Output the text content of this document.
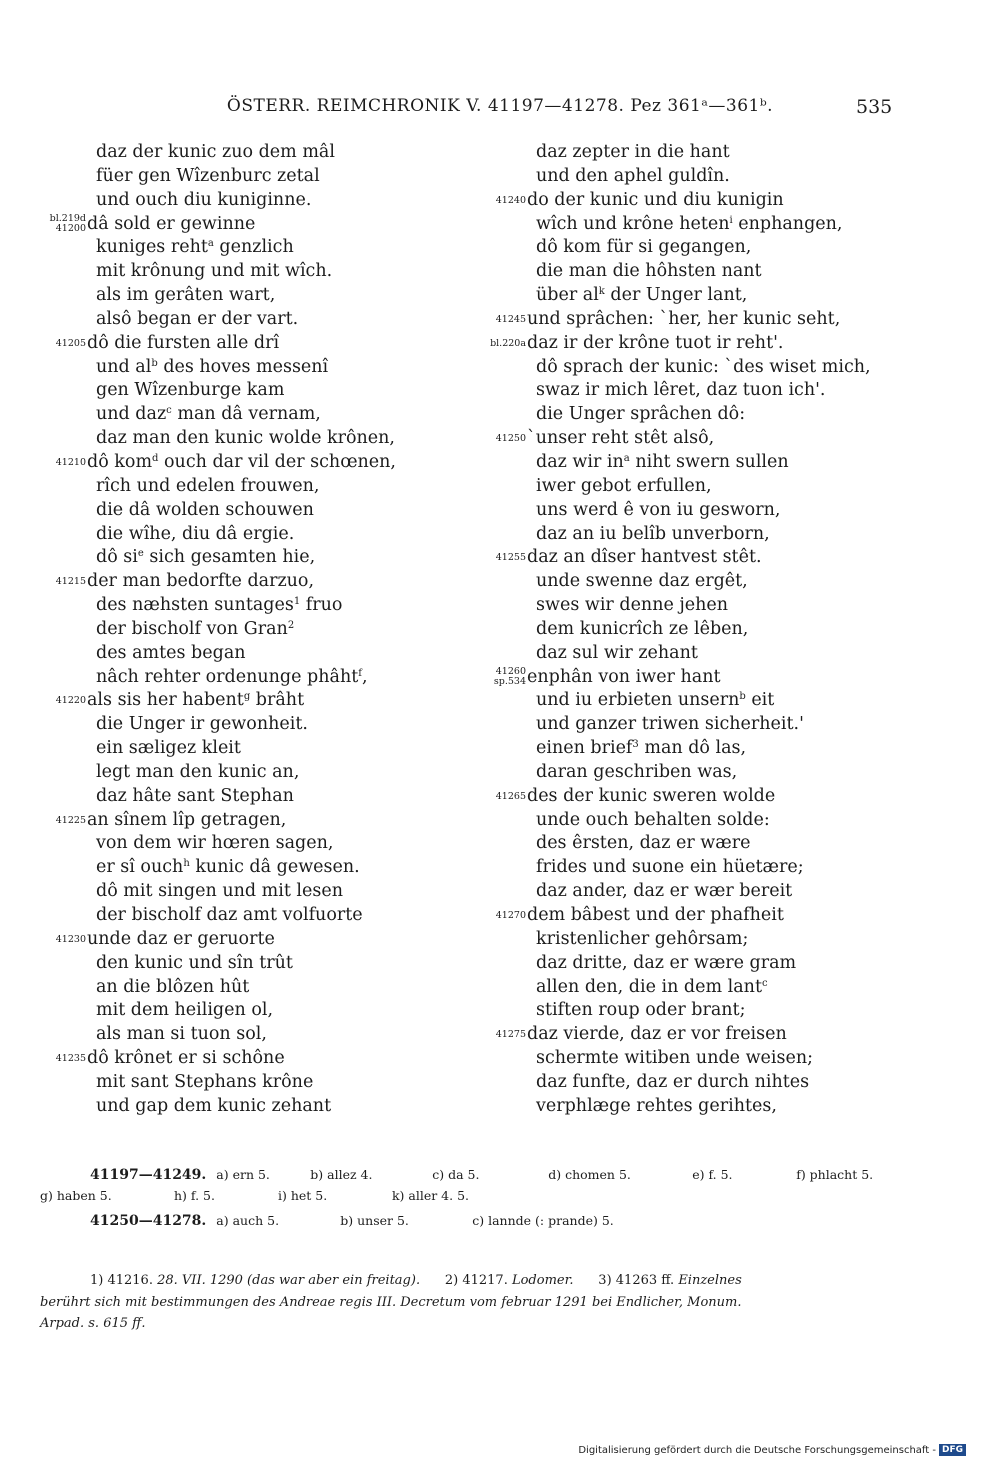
ÖSTERR. REIMCHRONIK V. 41197—41278. Pez 361ᵃ—361ᵇ.	535
daz der kunic zuo dem mâl
füer gen Wîzenburc zetal
und ouch diu kuniginne.
bl.219d
41200 dâ sold er gewinne
kuniges reht$^a$ genzlich
mit krônung und mit wîch.
als im gerâten wart,
alsô began er der vart.
41205 dô die fursten alle drî
und $al^b$ des hoves messenî
gen Wîzenburge kam
und daz$^c$ man dâ vernam,
daz man den kunic wolde krônen,
41210 dô kom$^d$ ouch dar vil der schœnen,
rîch und edelen frouwen,
die dâ wolden schouwen
die wîhe, diu dâ ergie.
dô $si^e$ sich gesamten hie,
41215 der man bedorfte darzuo,
des næhsten suntages$^1$ fruo
der bischolf von Gran$^2$
des amtes began
nâch rehter ordenunge phâht$^f$,
41220 als sis her habent$^g$ brâht
die Unger ir gewonheit.
ein sæligez kleit
legt man den kunic an,
daz hâte sant Stephan
41225 an sînem lîp getragen,
von dem wir hœren sagen,
er sî ouch$^h$ kunic dâ gewesen.
dô mit singen und mit lesen
der bischolf daz amt volfuorte
41230 unde daz er geruorte
den kunic und sîn trût
an die blôzen hût
mit dem heiligen ol,
als man si tuon sol,
41235 dô krônet er si schône
mit sant Stephans krône
und gap dem kunic zehant
daz zepter in die hant
und den aphel guldîn.
41240 do der kunic und diu kunigin
wîch und krône heten$^i$ enphangen,
dô kom für si gegangen,
die man die hôhsten nant
über $al^k$ der Unger lant,
41245 und sprâchen: ˋher, her kunic seht,
bl.220a daz ir der krône tuot ir reht'.
dô sprach der kunic: ˋdes wiset mich,
swaz ir mich lêret, daz tuon ich'.
die Unger sprâchen dô:
41250 ˋunser reht stêt alsô,
daz wir $in^a$ niht swern sullen
iwer gebot erfullen,
uns werd ê von iu gesworn,
daz an iu belîb unverborn,
41255 daz an dîser hantvest stêt.
unde swenne daz ergêt,
swes wir denne jehen
dem kunicrîch ze lêben,
daz sul wir zehant
41260
sp.534 enphân von iwer hant
und iu erbieten unsern$^b$ eit
und ganzer triwen sicherheit.'
einen brief$^3$ man dô las,
daran geschriben was,
41265 des der kunic sweren wolde
unde ouch behalten solde:
des êrsten, daz er wære
frides und suone ein hüetære;
daz ander, daz er wær bereit
41270 dem bâbest und der phafheit
kristenlicher gehôrsam;
daz dritte, daz er wære gram
allen den, die in dem lant$^c$
stiften roup oder brant;
41275 daz vierde, daz er vor freisen
schermte witiben unde weisen;
daz funfte, daz er durch nihtes
verphlæge rehtes gerihtes,
41197—41249. a) ern 5.	b) allez 4.	c) da 5.	d) chomen 5.	e) f. 5.	f) phlacht 5.
g) haben 5.	h) f. 5.	i) het 5.	k) aller 4. 5.
41250—41278. a) auch 5.	b) unser 5.	c) lannde (: prande) 5.
1) 41216. 28. VII. 1290 (das war aber ein freitag).      2) 41217. Lodomer.      3) 41263 ff. Einzelnes
berührt sich mit bestimmungen des Andreae regis III. Decretum vom februar 1291 bei Endlicher, Monum.
Arpad. s. 615 ff.
Digitalisierung gefördert durch die Deutsche Forschungsgemeinschaft - DFG
